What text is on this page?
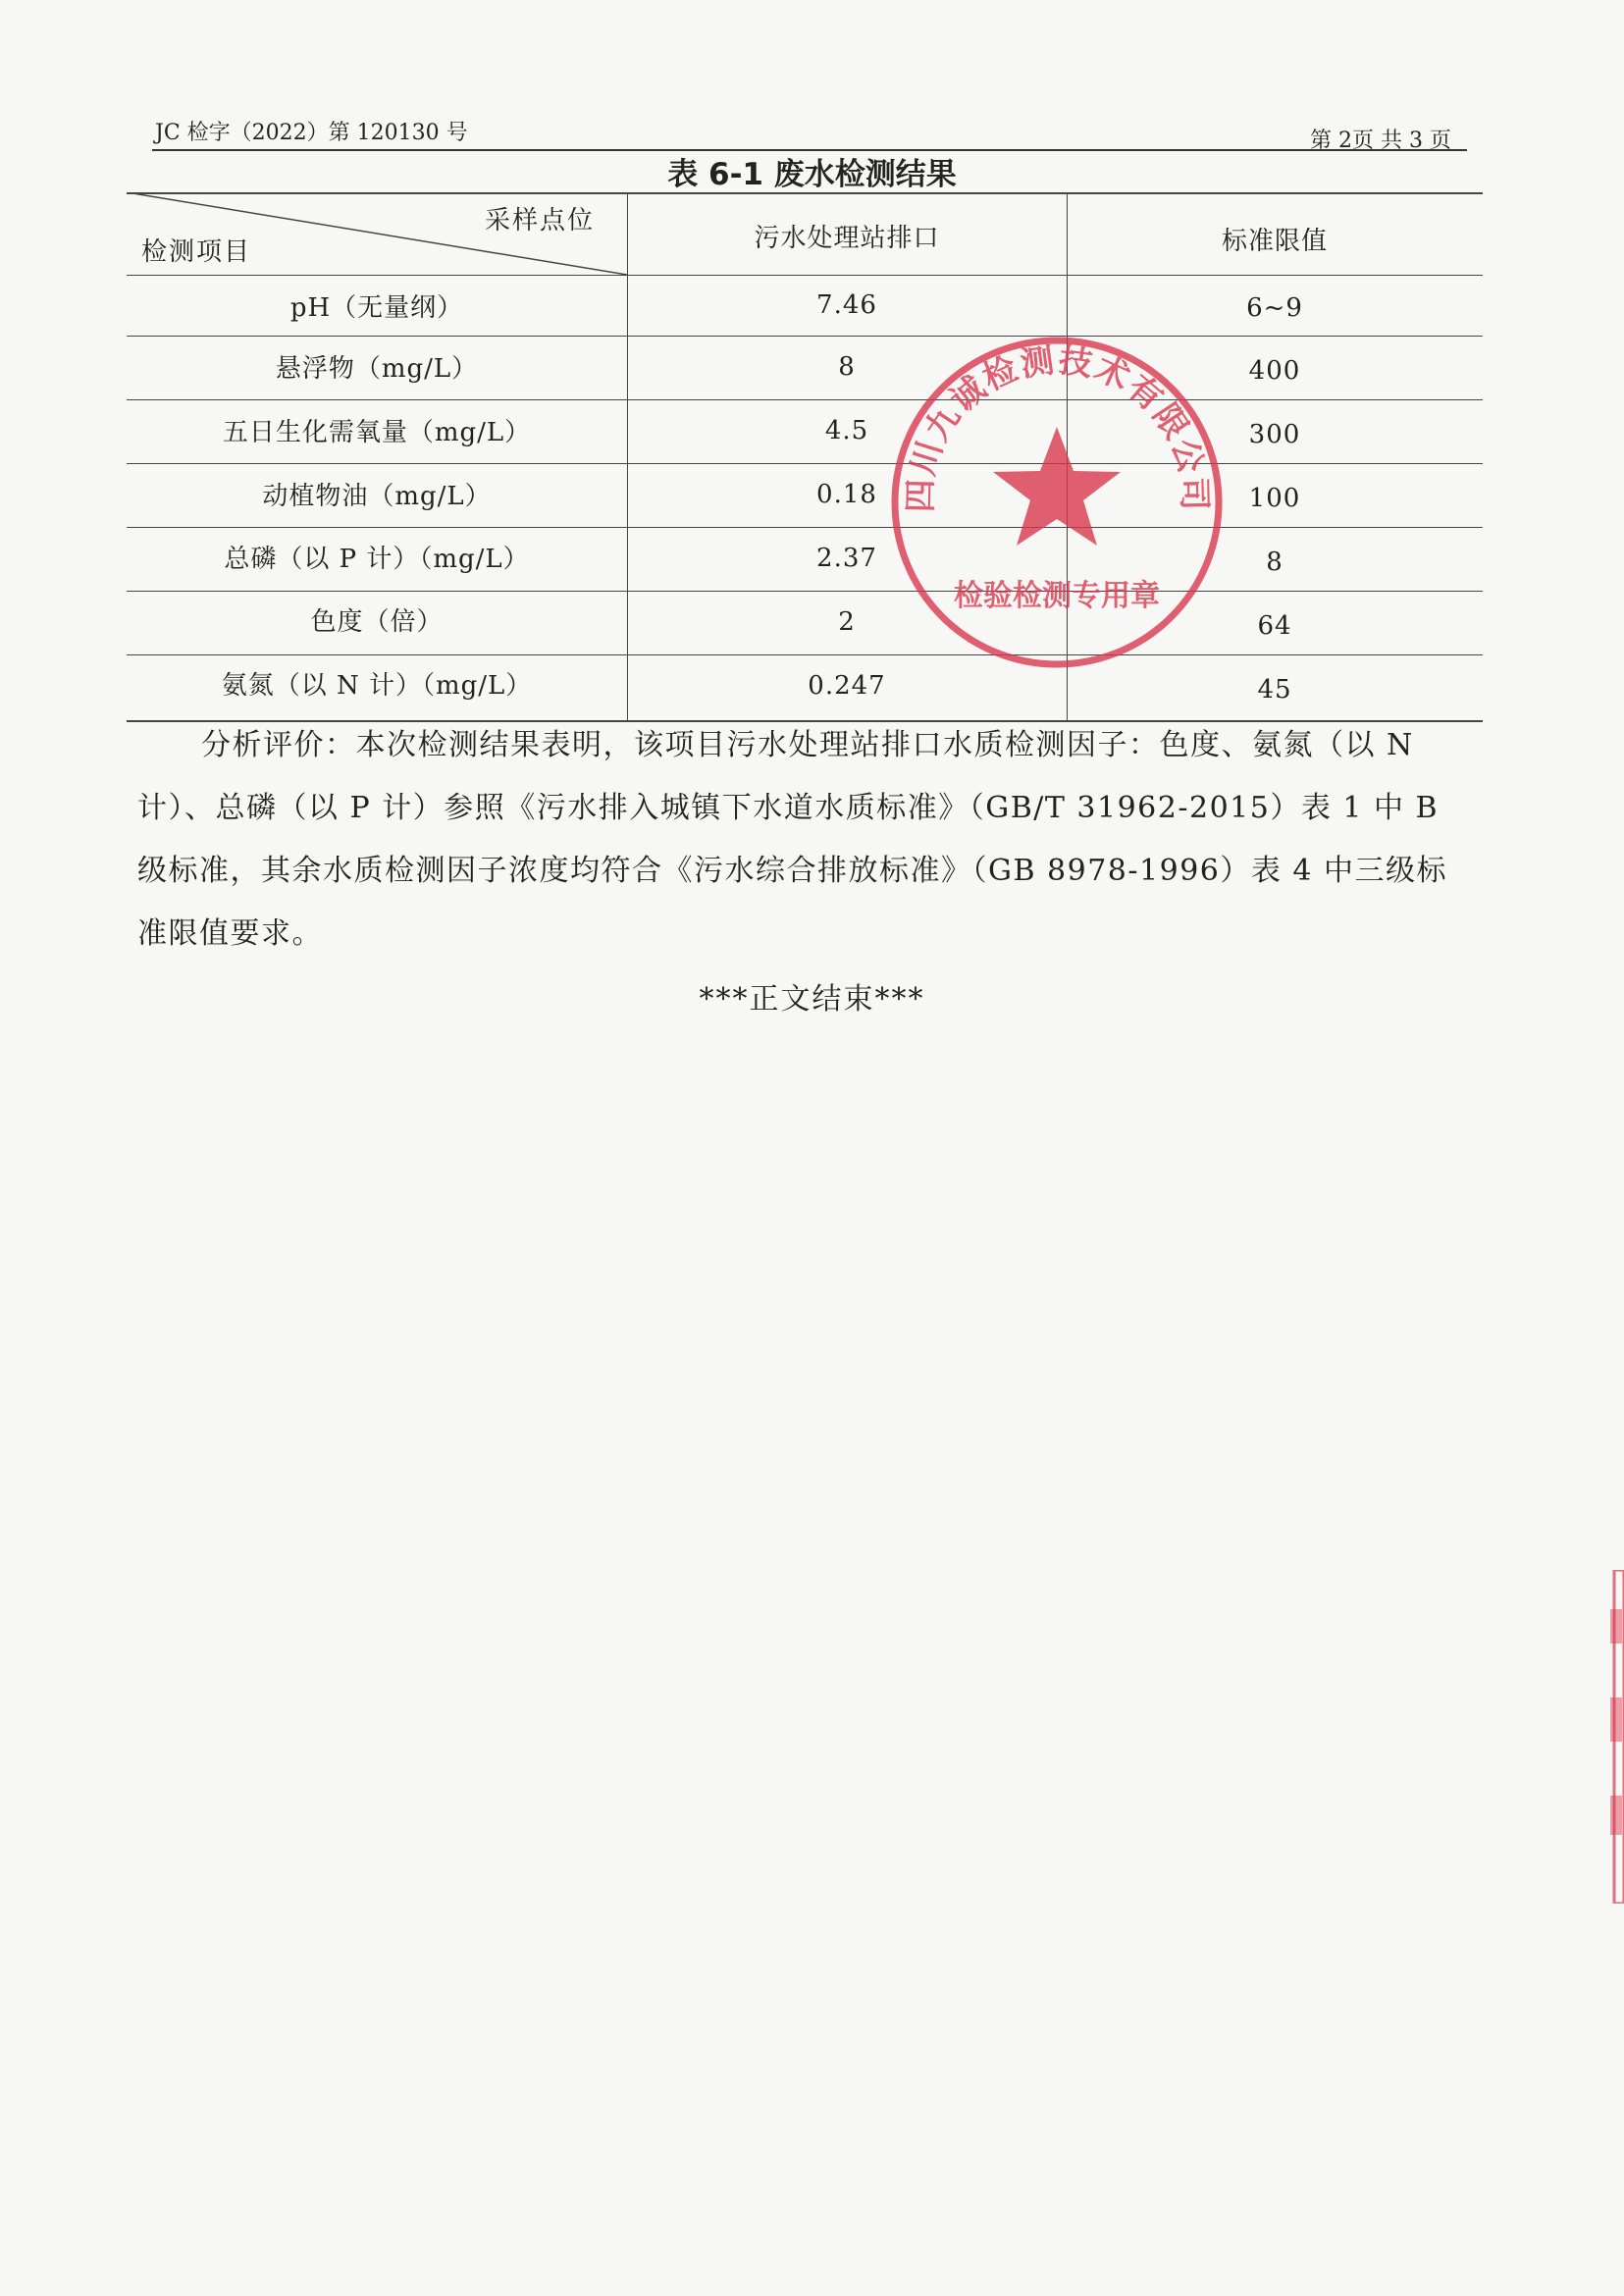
JC 检字（2022）第 120130 号	第 2页 共 3 页
表 6-1 废水检测结果
采样点位
检测项目	污水处理站排口	标准限值
pH（无量纲）	7.46	6~9
悬浮物（mg/L）	8	400
五日生化需氧量（mg/L）	4.5	300
动植物油（mg/L）	0.18	100
总磷（以 P 计）（mg/L）	2.37	8
色度（倍）	2	64
氨氮（以 N 计）（mg/L）	0.247	45
四川九诚检测技术有限公司
检验检测专用章

分析评价：本次检测结果表明，该项目污水处理站排口水质检测因子：色度、氨氮（以 N 计）、总磷（以 P 计）参照《污水排入城镇下水道水质标准》（GB/T 31962-2015）表 1 中 B 级标准，其余水质检测因子浓度均符合《污水综合排放标准》（GB 8978-1996）表 4 中三级标准限值要求。

***正文结束***
